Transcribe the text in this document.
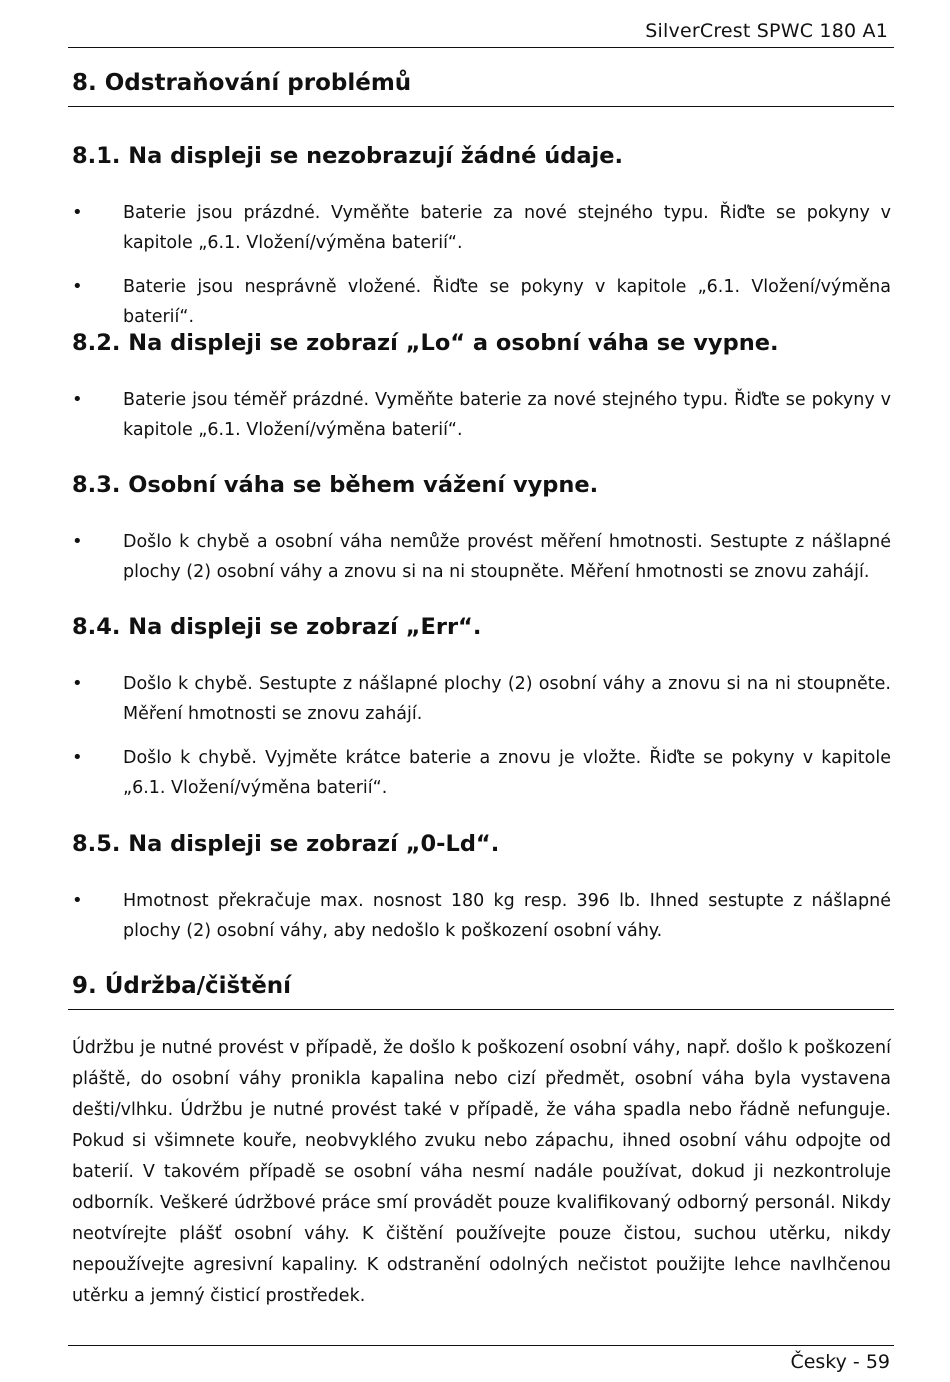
SilverCrest SPWC 180 A1
8. Odstraňování problémů
8.1. Na displeji se nezobrazují žádné údaje.
• Baterie jsou prázdné. Vyměňte baterie za nové stejného typu. Řiďte se pokyny v kapitole „6.1. Vložení/výměna baterií“.
• Baterie jsou nesprávně vložené. Řiďte se pokyny v kapitole „6.1. Vložení/výměna baterií“.
8.2. Na displeji se zobrazí „Lo“ a osobní váha se vypne.
• Baterie jsou téměř prázdné. Vyměňte baterie za nové stejného typu. Řiďte se pokyny v kapitole „6.1. Vložení/výměna baterií“.
8.3. Osobní váha se během vážení vypne.
• Došlo k chybě a osobní váha nemůže provést měření hmotnosti. Sestupte z nášlapné plochy (2) osobní váhy a znovu si na ni stoupněte. Měření hmotnosti se znovu zahájí.
8.4. Na displeji se zobrazí „Err“.
• Došlo k chybě. Sestupte z nášlapné plochy (2) osobní váhy a znovu si na ni stoupněte. Měření hmotnosti se znovu zahájí.
• Došlo k chybě. Vyjměte krátce baterie a znovu je vložte. Řiďte se pokyny v kapitole „6.1. Vložení/výměna baterií“.
8.5. Na displeji se zobrazí „0-Ld“.
• Hmotnost překračuje max. nosnost 180 kg resp. 396 lb. Ihned sestupte z nášlapné plochy (2) osobní váhy, aby nedošlo k poškození osobní váhy.
9. Údržba/čištění

Údržbu je nutné provést v případě, že došlo k poškození osobní váhy, např. došlo k poškození pláště, do osobní váhy pronikla kapalina nebo cizí předmět, osobní váha byla vystavena dešti/vlhku. Údržbu je nutné provést také v případě, že váha spadla nebo řádně nefunguje. Pokud si všimnete kouře, neobvyklého zvuku nebo zápachu, ihned osobní váhu odpojte od baterií. V takovém případě se osobní váha nesmí nadále používat, dokud ji nezkontroluje odborník. Veškeré údržbové práce smí provádět pouze kvalifikovaný odborný personál. Nikdy neotvírejte plášť osobní váhy. K čištění používejte pouze čistou, suchou utěrku, nikdy nepoužívejte agresivní kapaliny. K odstranění odolných nečistot použijte lehce navlhčenou utěrku a jemný čisticí prostředek.

Česky - 59
